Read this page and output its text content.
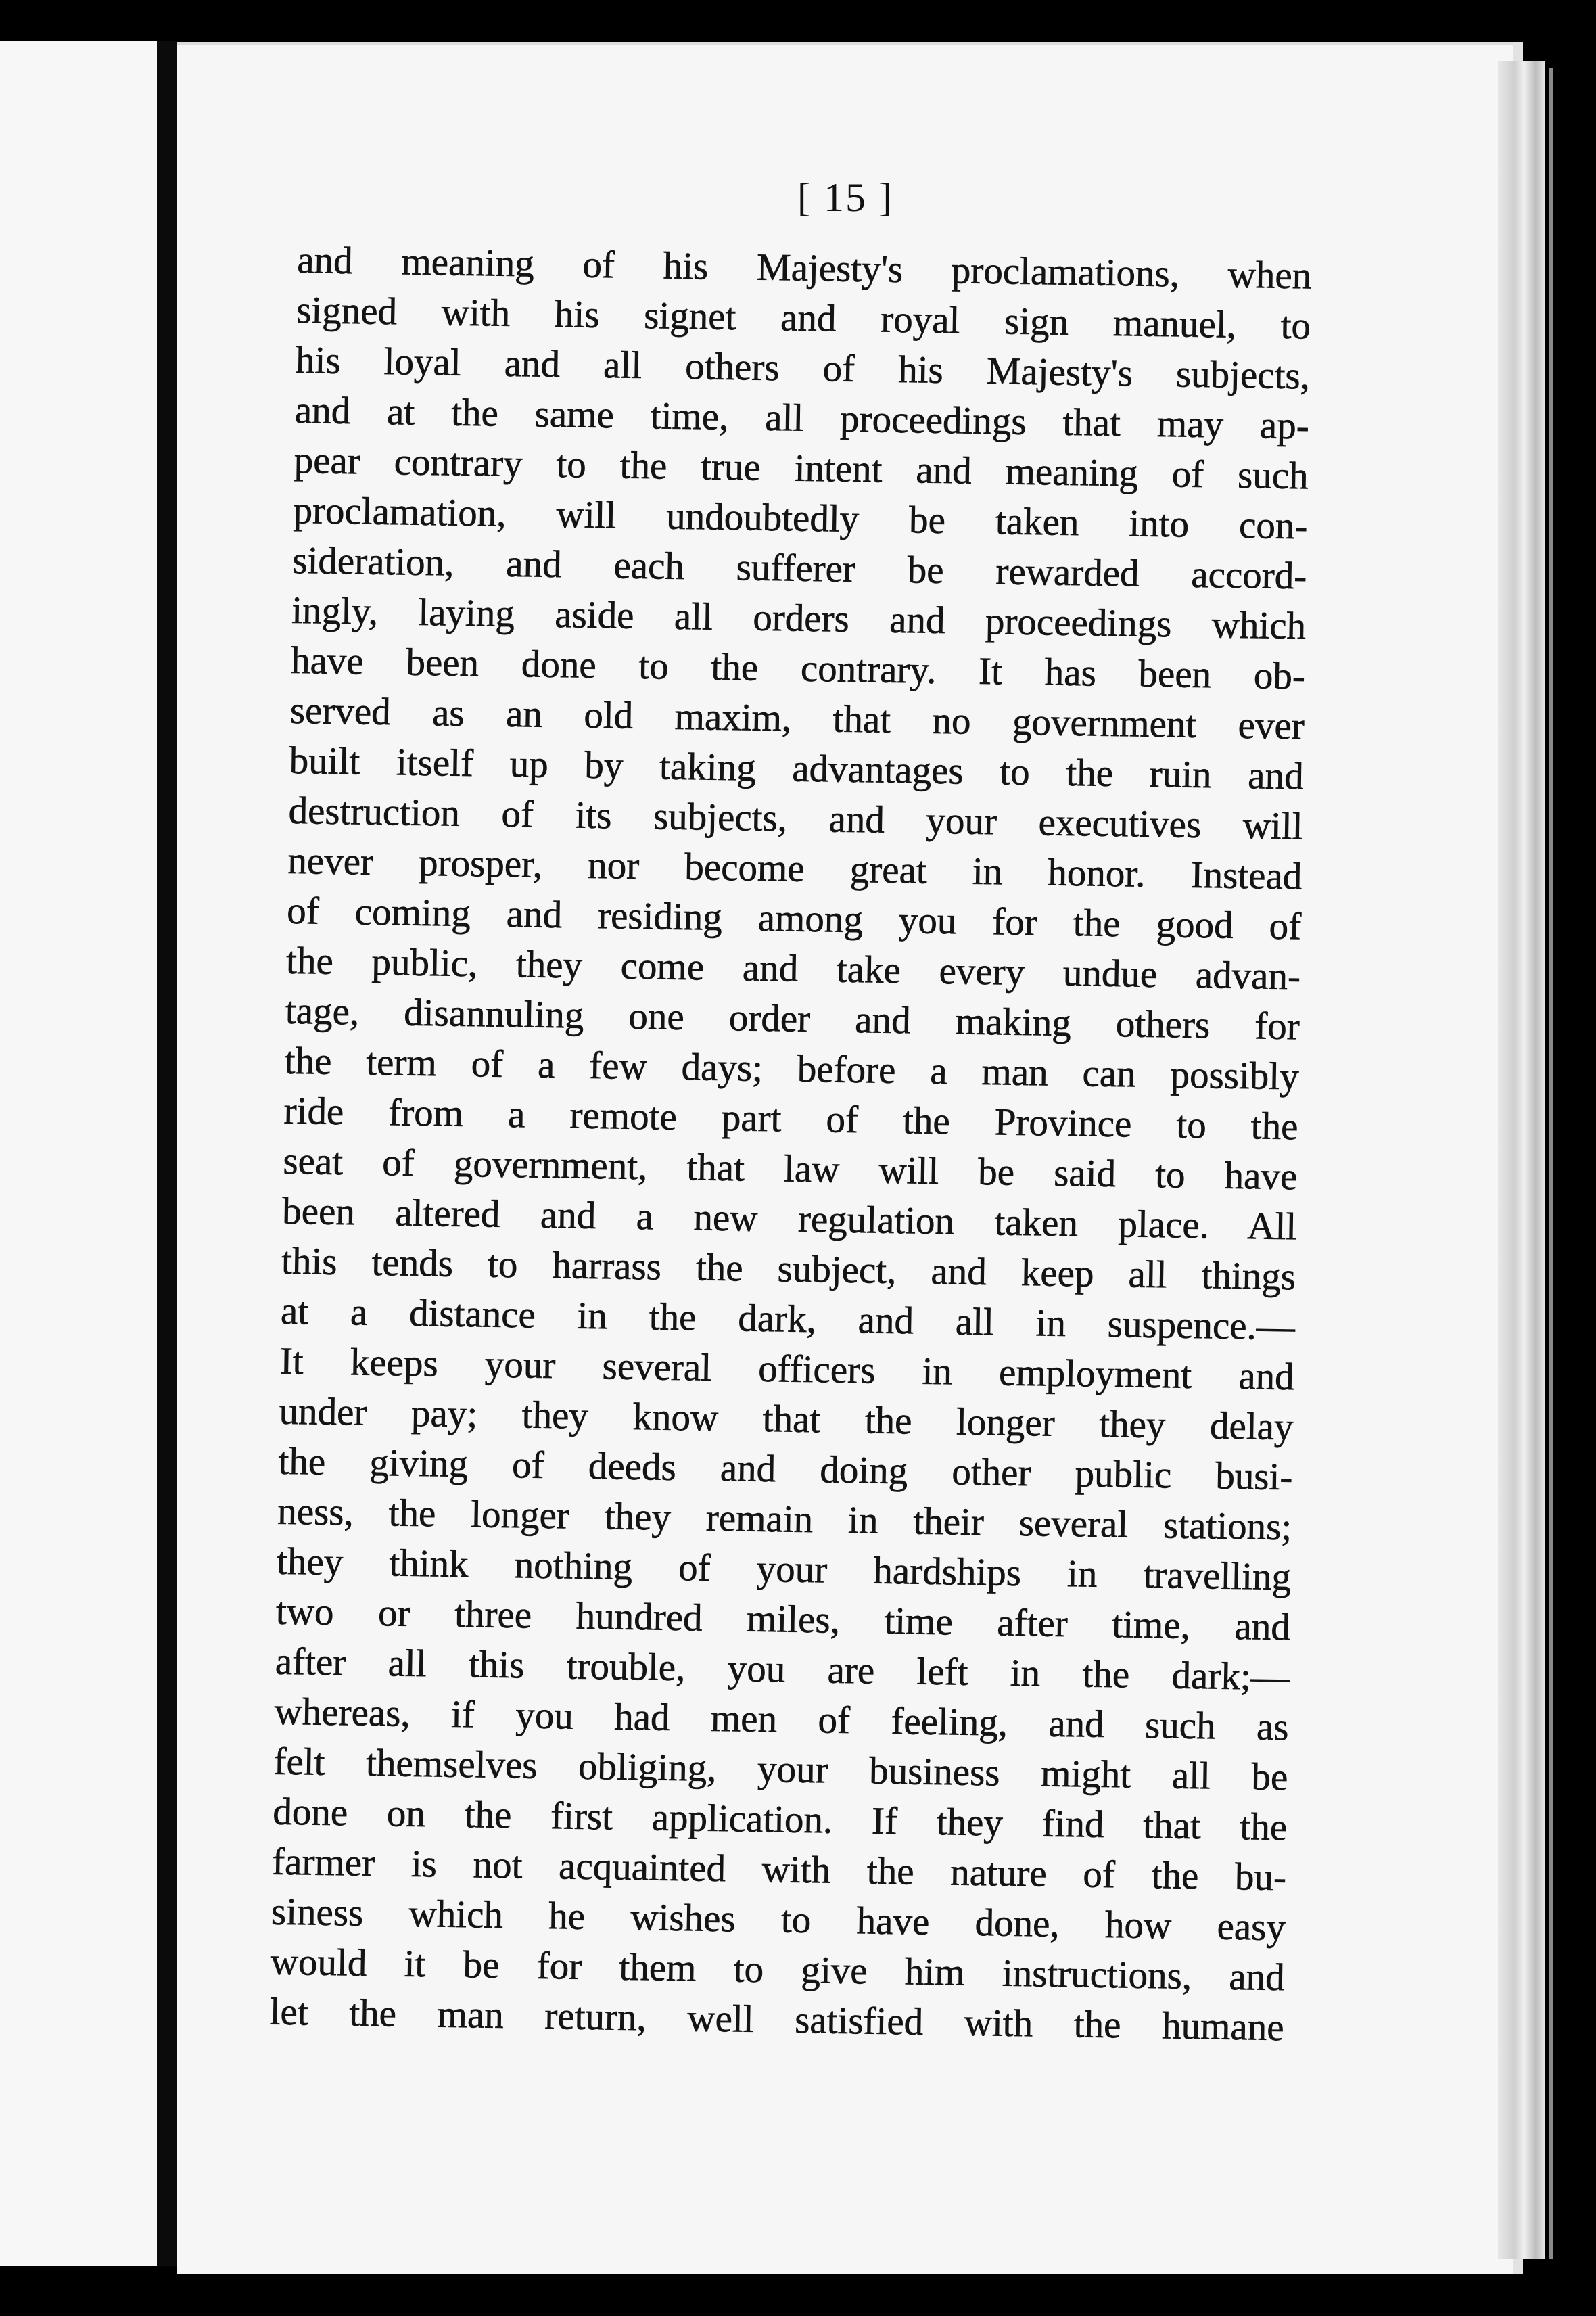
[ 15 ]
and meaning of his Majesty's proclamations, when
signed with his signet and royal sign manuel, to
his loyal and all others of his Majesty's subjects,
and at the same time, all proceedings that may ap-
pear contrary to the true intent and meaning of such
proclamation, will undoubtedly be taken into con-
sideration, and each sufferer be rewarded accord-
ingly, laying aside all orders and proceedings which
have been done to the contrary. It has been ob-
served as an old maxim, that no government ever
built itself up by taking advantages to the ruin and
destruction of its subjects, and your executives will
never prosper, nor become great in honor. Instead
of coming and residing among you for the good of
the public, they come and take every undue advan-
tage, disannuling one order and making others for
the term of a few days; before a man can possibly
ride from a remote part of the Province to the
seat of government, that law will be said to have
been altered and a new regulation taken place. All
this tends to harrass the subject, and keep all things
at a distance in the dark, and all in suspence.—
It keeps your several officers in employment and
under pay; they know that the longer they delay
the giving of deeds and doing other public busi-
ness, the longer they remain in their several stations;
they think nothing of your hardships in travelling
two or three hundred miles, time after time, and
after all this trouble, you are left in the dark;—
whereas, if you had men of feeling, and such as
felt themselves obliging, your business might all be
done on the first application. If they find that the
farmer is not acquainted with the nature of the bu-
siness which he wishes to have done, how easy
would it be for them to give him instructions, and
let the man return, well satisfied with the humane
